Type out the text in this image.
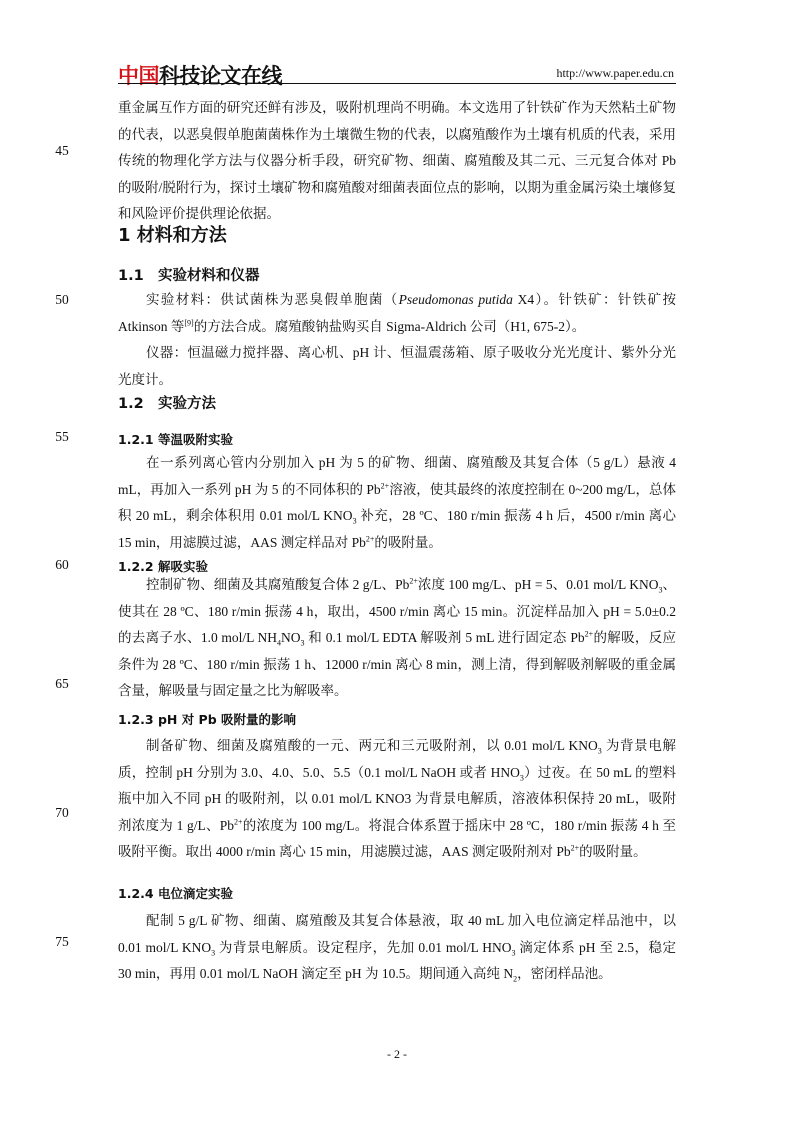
中国科技论文在线	http://www.paper.edu.cn
45
50
55
60
65
70
75
重金属互作方面的研究还鲜有涉及，吸附机理尚不明确。本文选用了针铁矿作为天然粘土矿物的代表，以恶臭假单胞菌菌株作为土壤微生物的代表，以腐殖酸作为土壤有机质的代表，采用传统的物理化学方法与仪器分析手段，研究矿物、细菌、腐殖酸及其二元、三元复合体对 Pb 的吸附/脱附行为，探讨土壤矿物和腐殖酸对细菌表面位点的影响，以期为重金属污染土壤修复和风险评价提供理论依据。
1 材料和方法
1.1 实验材料和仪器
实验材料：供试菌株为恶臭假单胞菌（Pseudomonas putida X4）。针铁矿：针铁矿按 Atkinson 等[9]的方法合成。腐殖酸钠盐购买自 Sigma-Aldrich 公司（H1, 675-2）。
仪器：恒温磁力搅拌器、离心机、pH 计、恒温震荡箱、原子吸收分光光度计、紫外分光光度计。
1.2 实验方法
1.2.1 等温吸附实验
在一系列离心管内分别加入 pH 为 5 的矿物、细菌、腐殖酸及其复合体（5 g/L）悬液 4 mL，再加入一系列 pH 为 5 的不同体积的 $Pb^{2+}$溶液，使其最终的浓度控制在 0~200 mg/L，总体积 20 mL，剩余体积用 0.01 mol/L $KNO_3$ 补充，28 ºC、180 r/min 振荡 4 h 后，4500 r/min 离心 15 min，用滤膜过滤，AAS 测定样品对 $Pb^{2+}$的吸附量。
1.2.2 解吸实验
控制矿物、细菌及其腐殖酸复合体 2 g/L、$Pb^{2+}$浓度 100 mg/L、pH = 5、0.01 mol/L $KNO_3$、使其在 28 ºC、180 r/min 振荡 4 h，取出，4500 r/min 离心 15 min。沉淀样品加入 pH = 5.0±0.2 的去离子水、1.0 mol/L $NH_4NO_3$ 和 0.1 mol/L EDTA 解吸剂 5 mL 进行固定态 $Pb^{2+}$的解吸，反应条件为 28 ºC、180 r/min 振荡 1 h、12000 r/min 离心 8 min，测上清，得到解吸剂解吸的重金属含量，解吸量与固定量之比为解吸率。
1.2.3 pH 对 Pb 吸附量的影响
制备矿物、细菌及腐殖酸的一元、两元和三元吸附剂，以 0.01 mol/L $KNO_3$ 为背景电解质，控制 pH 分别为 3.0、4.0、5.0、5.5（0.1 mol/L NaOH 或者 $HNO_3$）过夜。在 50 mL 的塑料瓶中加入不同 pH 的吸附剂，以 0.01 mol/L KNO3 为背景电解质，溶液体积保持 20 mL，吸附剂浓度为 1 g/L、$Pb^{2+}$的浓度为 100 mg/L。将混合体系置于摇床中 28 ºC，180 r/min 振荡 4 h 至吸附平衡。取出 4000 r/min 离心 15 min，用滤膜过滤，AAS 测定吸附剂对 $Pb^{2+}$的吸附量。
1.2.4 电位滴定实验
配制 5 g/L 矿物、细菌、腐殖酸及其复合体悬液，取 40 mL 加入电位滴定样品池中，以 0.01 mol/L $KNO_3$ 为背景电解质。设定程序，先加 0.01 mol/L $HNO_3$ 滴定体系 pH 至 2.5，稳定 30 min，再用 0.01 mol/L NaOH 滴定至 pH 为 10.5。期间通入高纯 $N_2$，密闭样品池。
- 2 -
